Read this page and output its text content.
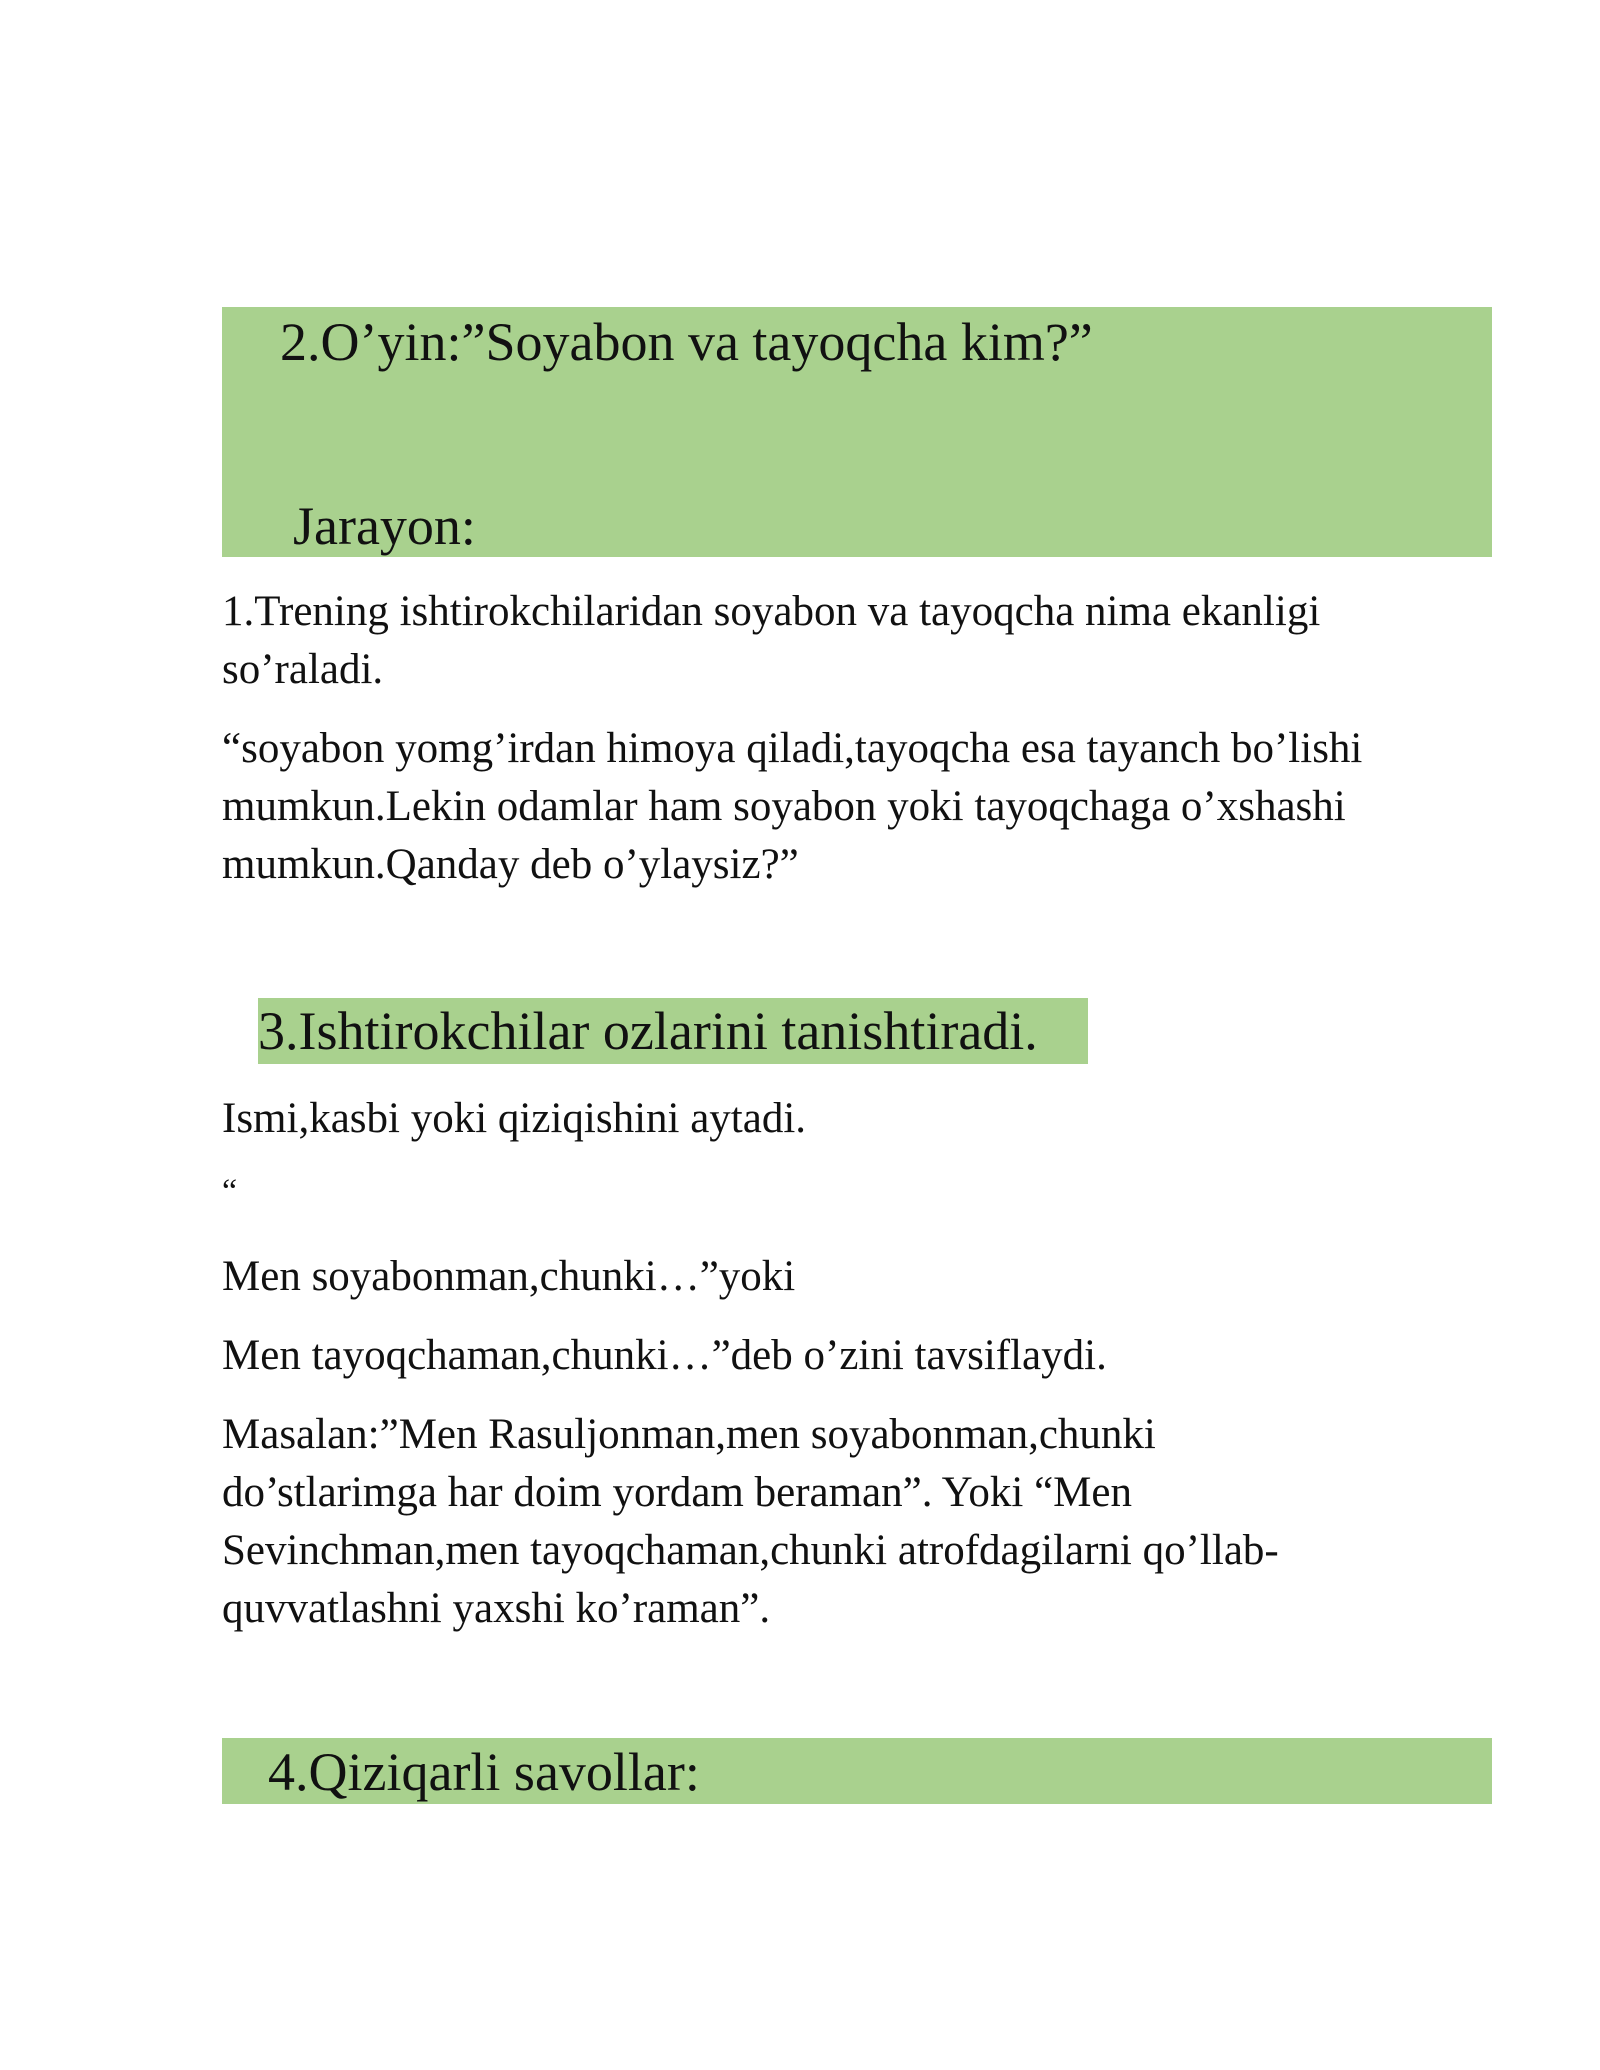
2.O’yin:”Soyabon va tayoqcha kim?”
Jarayon:

1.Trening ishtirokchilaridan soyabon va tayoqcha nima ekanligi
so’raladi.

“soyabon yomg’irdan himoya qiladi,tayoqcha esa tayanch bo’lishi
mumkun.Lekin odamlar ham soyabon yoki tayoqchaga o’xshashi
mumkun.Qanday deb o’ylaysiz?”

3.Ishtirokchilar ozlarini tanishtiradi.

Ismi,kasbi yoki qiziqishini aytadi.

“

Men soyabonman,chunki…”yoki

Men tayoqchaman,chunki…”deb o’zini tavsiflaydi.

Masalan:”Men Rasuljonman,men soyabonman,chunki
do’stlarimga har doim yordam beraman”. Yoki “Men
Sevinchman,men tayoqchaman,chunki atrofdagilarni qo’llab-
quvvatlashni yaxshi ko’raman”.

4.Qiziqarli savollar:
